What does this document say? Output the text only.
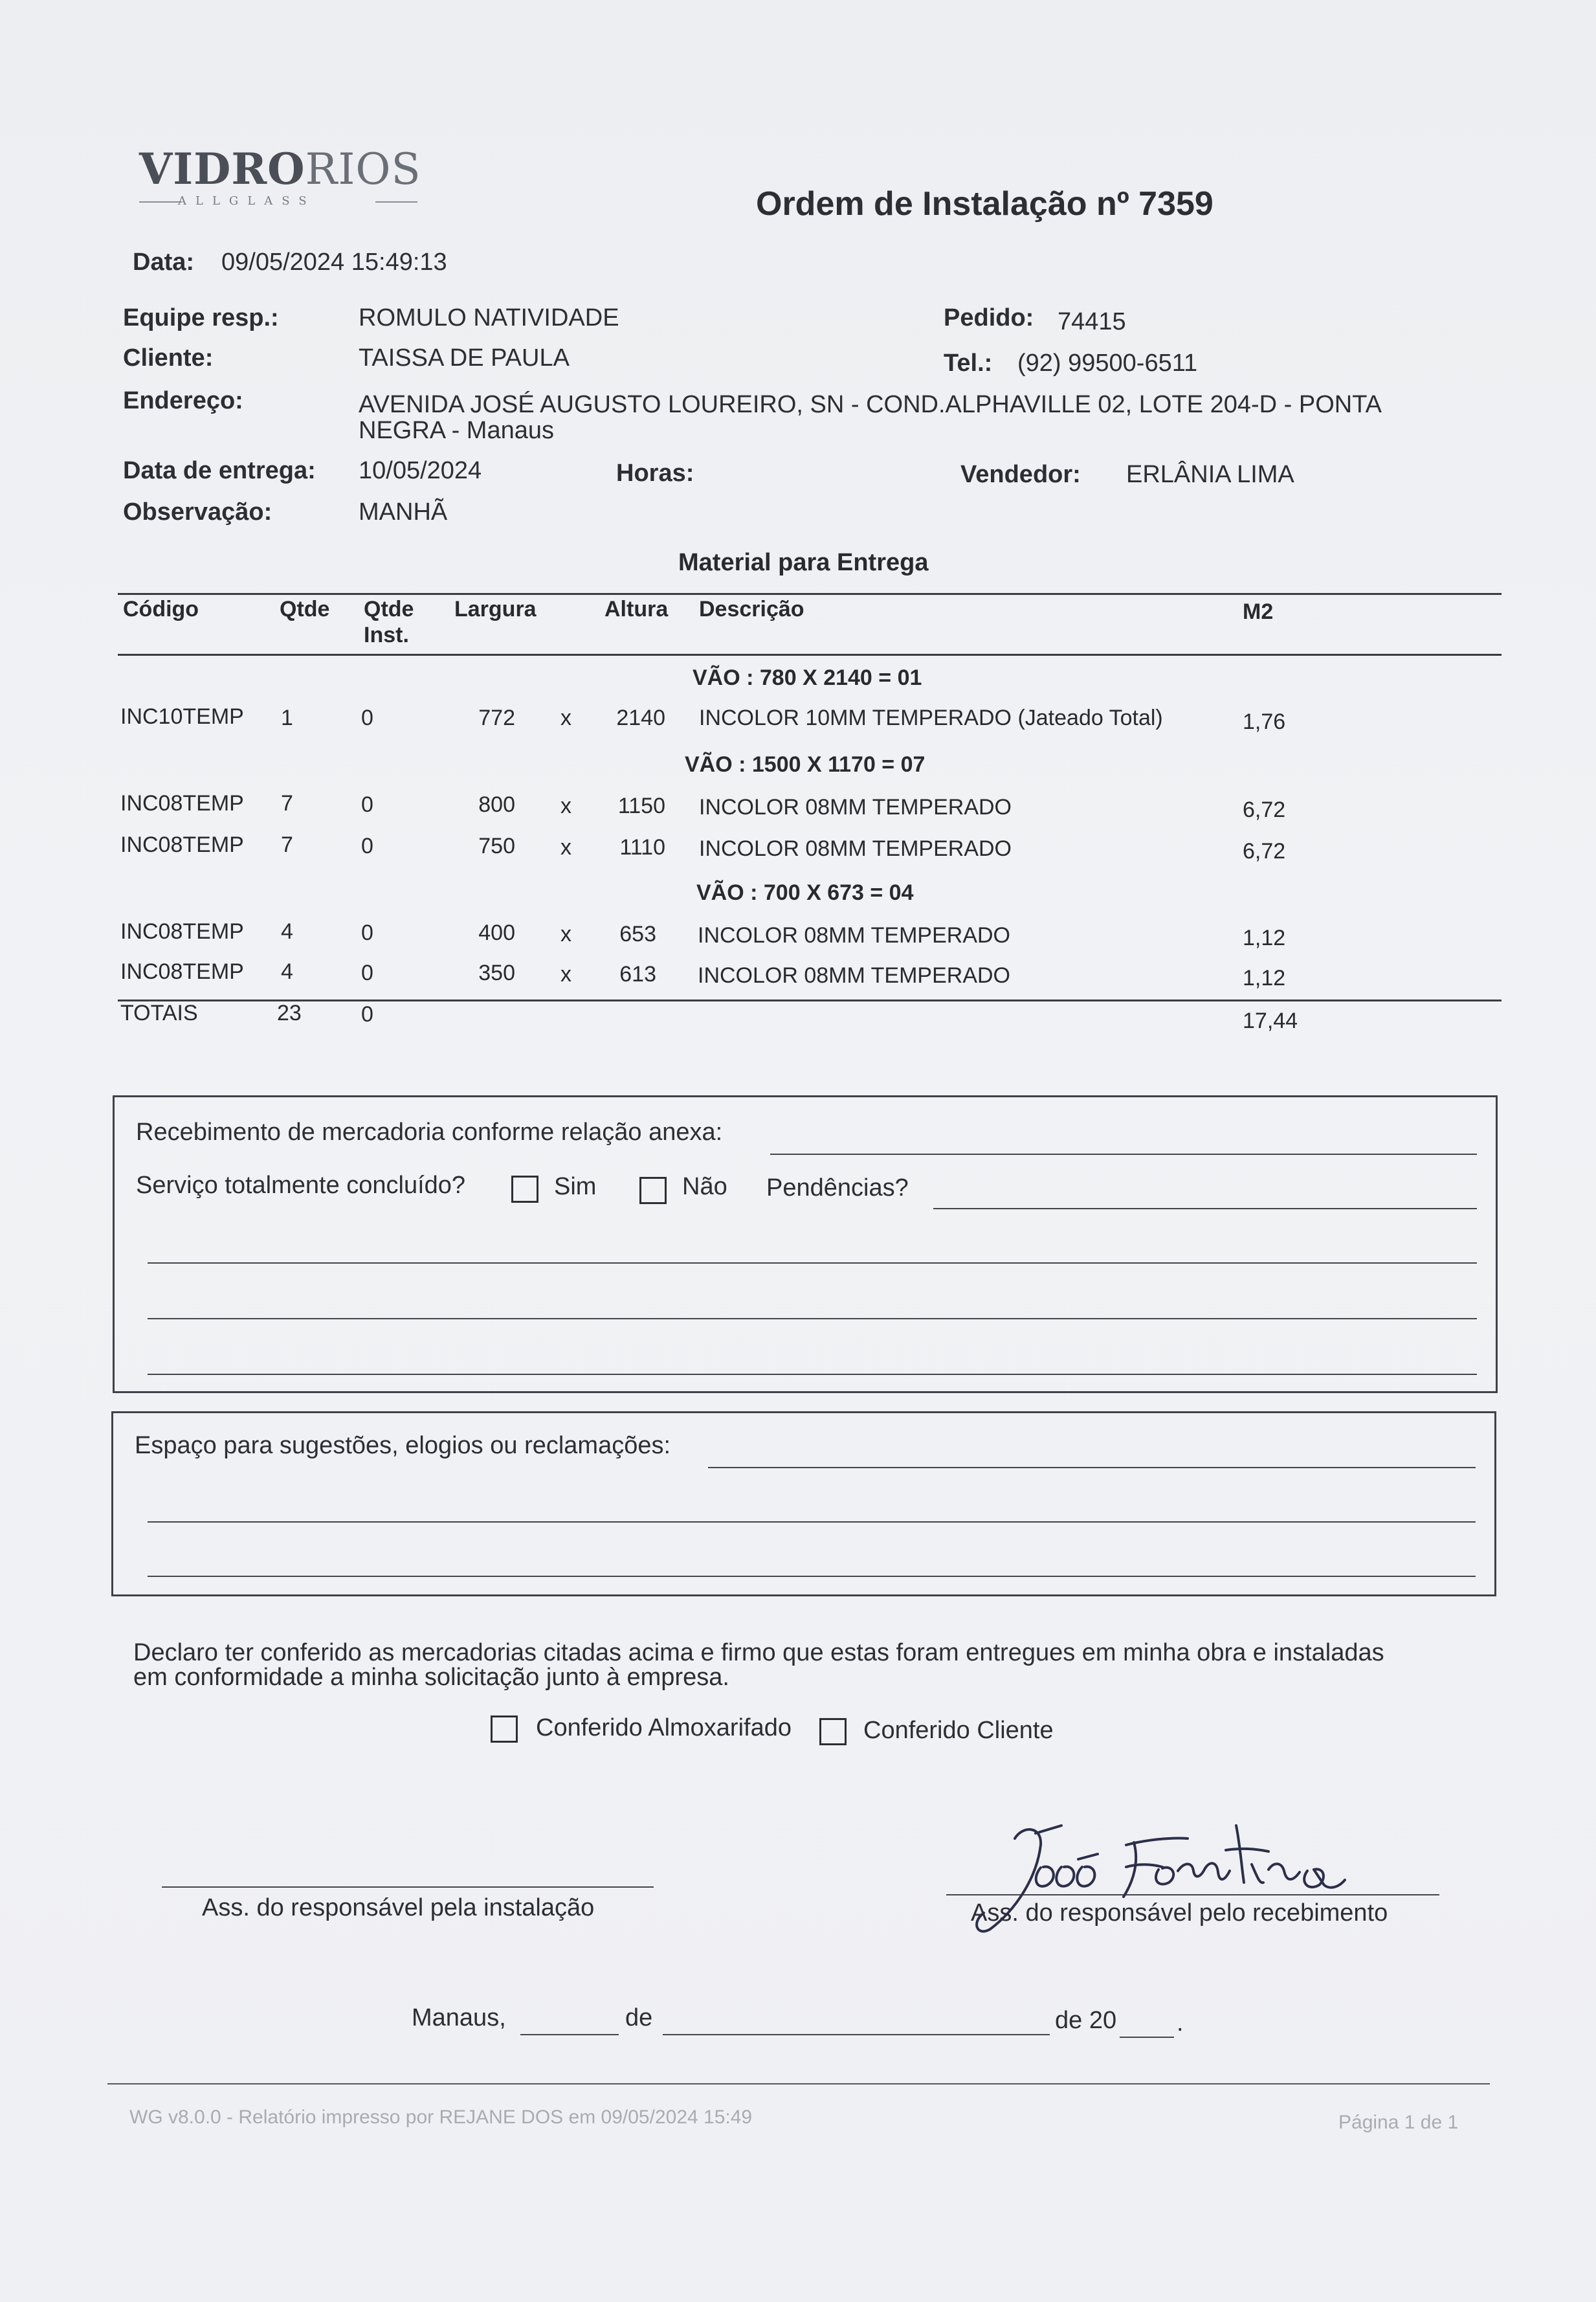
VIDRORIOS
ALLGLASS	Ordem de Instalação nº 7359
Data: 09/05/2024 15:49:13
Equipe resp.:	ROMULO NATIVIDADE	Pedido: 74415
Cliente:	TAISSA DE PAULA	Tel.: (92) 99500-6511
Endereço:	AVENIDA JOSÉ AUGUSTO LOUREIRO, SN - COND.ALPHAVILLE 02, LOTE 204-D - PONTA
NEGRA - Manaus
Data de entrega: 10/05/2024	Horas:	Vendedor: ERLÂNIA LIMA
Observação:	MANHÃ
Material para Entrega
Código	Qtde Qtde
Inst.
Largura	Altura Descrição	M2
VÃO : 780 X 2140 = 01
INC10TEMP 1	0	772 x	2140 INCOLOR 10MM TEMPERADO (Jateado Total)	1,76
VÃO : 1500 X 1170 = 07
INC08TEMP 7	0	800 x	1150 INCOLOR 08MM TEMPERADO	6,72
INC08TEMP 7	0	750 x	1110 INCOLOR 08MM TEMPERADO	6,72
VÃO : 700 X 673 = 04
INC08TEMP 4	0	400 x	653 INCOLOR 08MM TEMPERADO	1,12
INC08TEMP 4	0	350 x	613 INCOLOR 08MM TEMPERADO	1,12
TOTAIS	23	0	17,44
Recebimento de mercadoria conforme relação anexa:
Serviço totalmente concluído?	Sim	Não Pendências?
Espaço para sugestões, elogios ou reclamações:
Declaro ter conferido as mercadorias citadas acima e firmo que estas foram entregues em minha obra e instaladas
em conformidade a minha solicitação junto à empresa.
Conferido Almoxarifado	Conferido Cliente
Ass. do responsável pela instalação	Ass. do responsável pelo recebimento
João Fontina
Manaus,	de	de 20 .
WG v8.0.0 - Relatório impresso por REJANE DOS em 09/05/2024 15:49	Página 1 de 1
